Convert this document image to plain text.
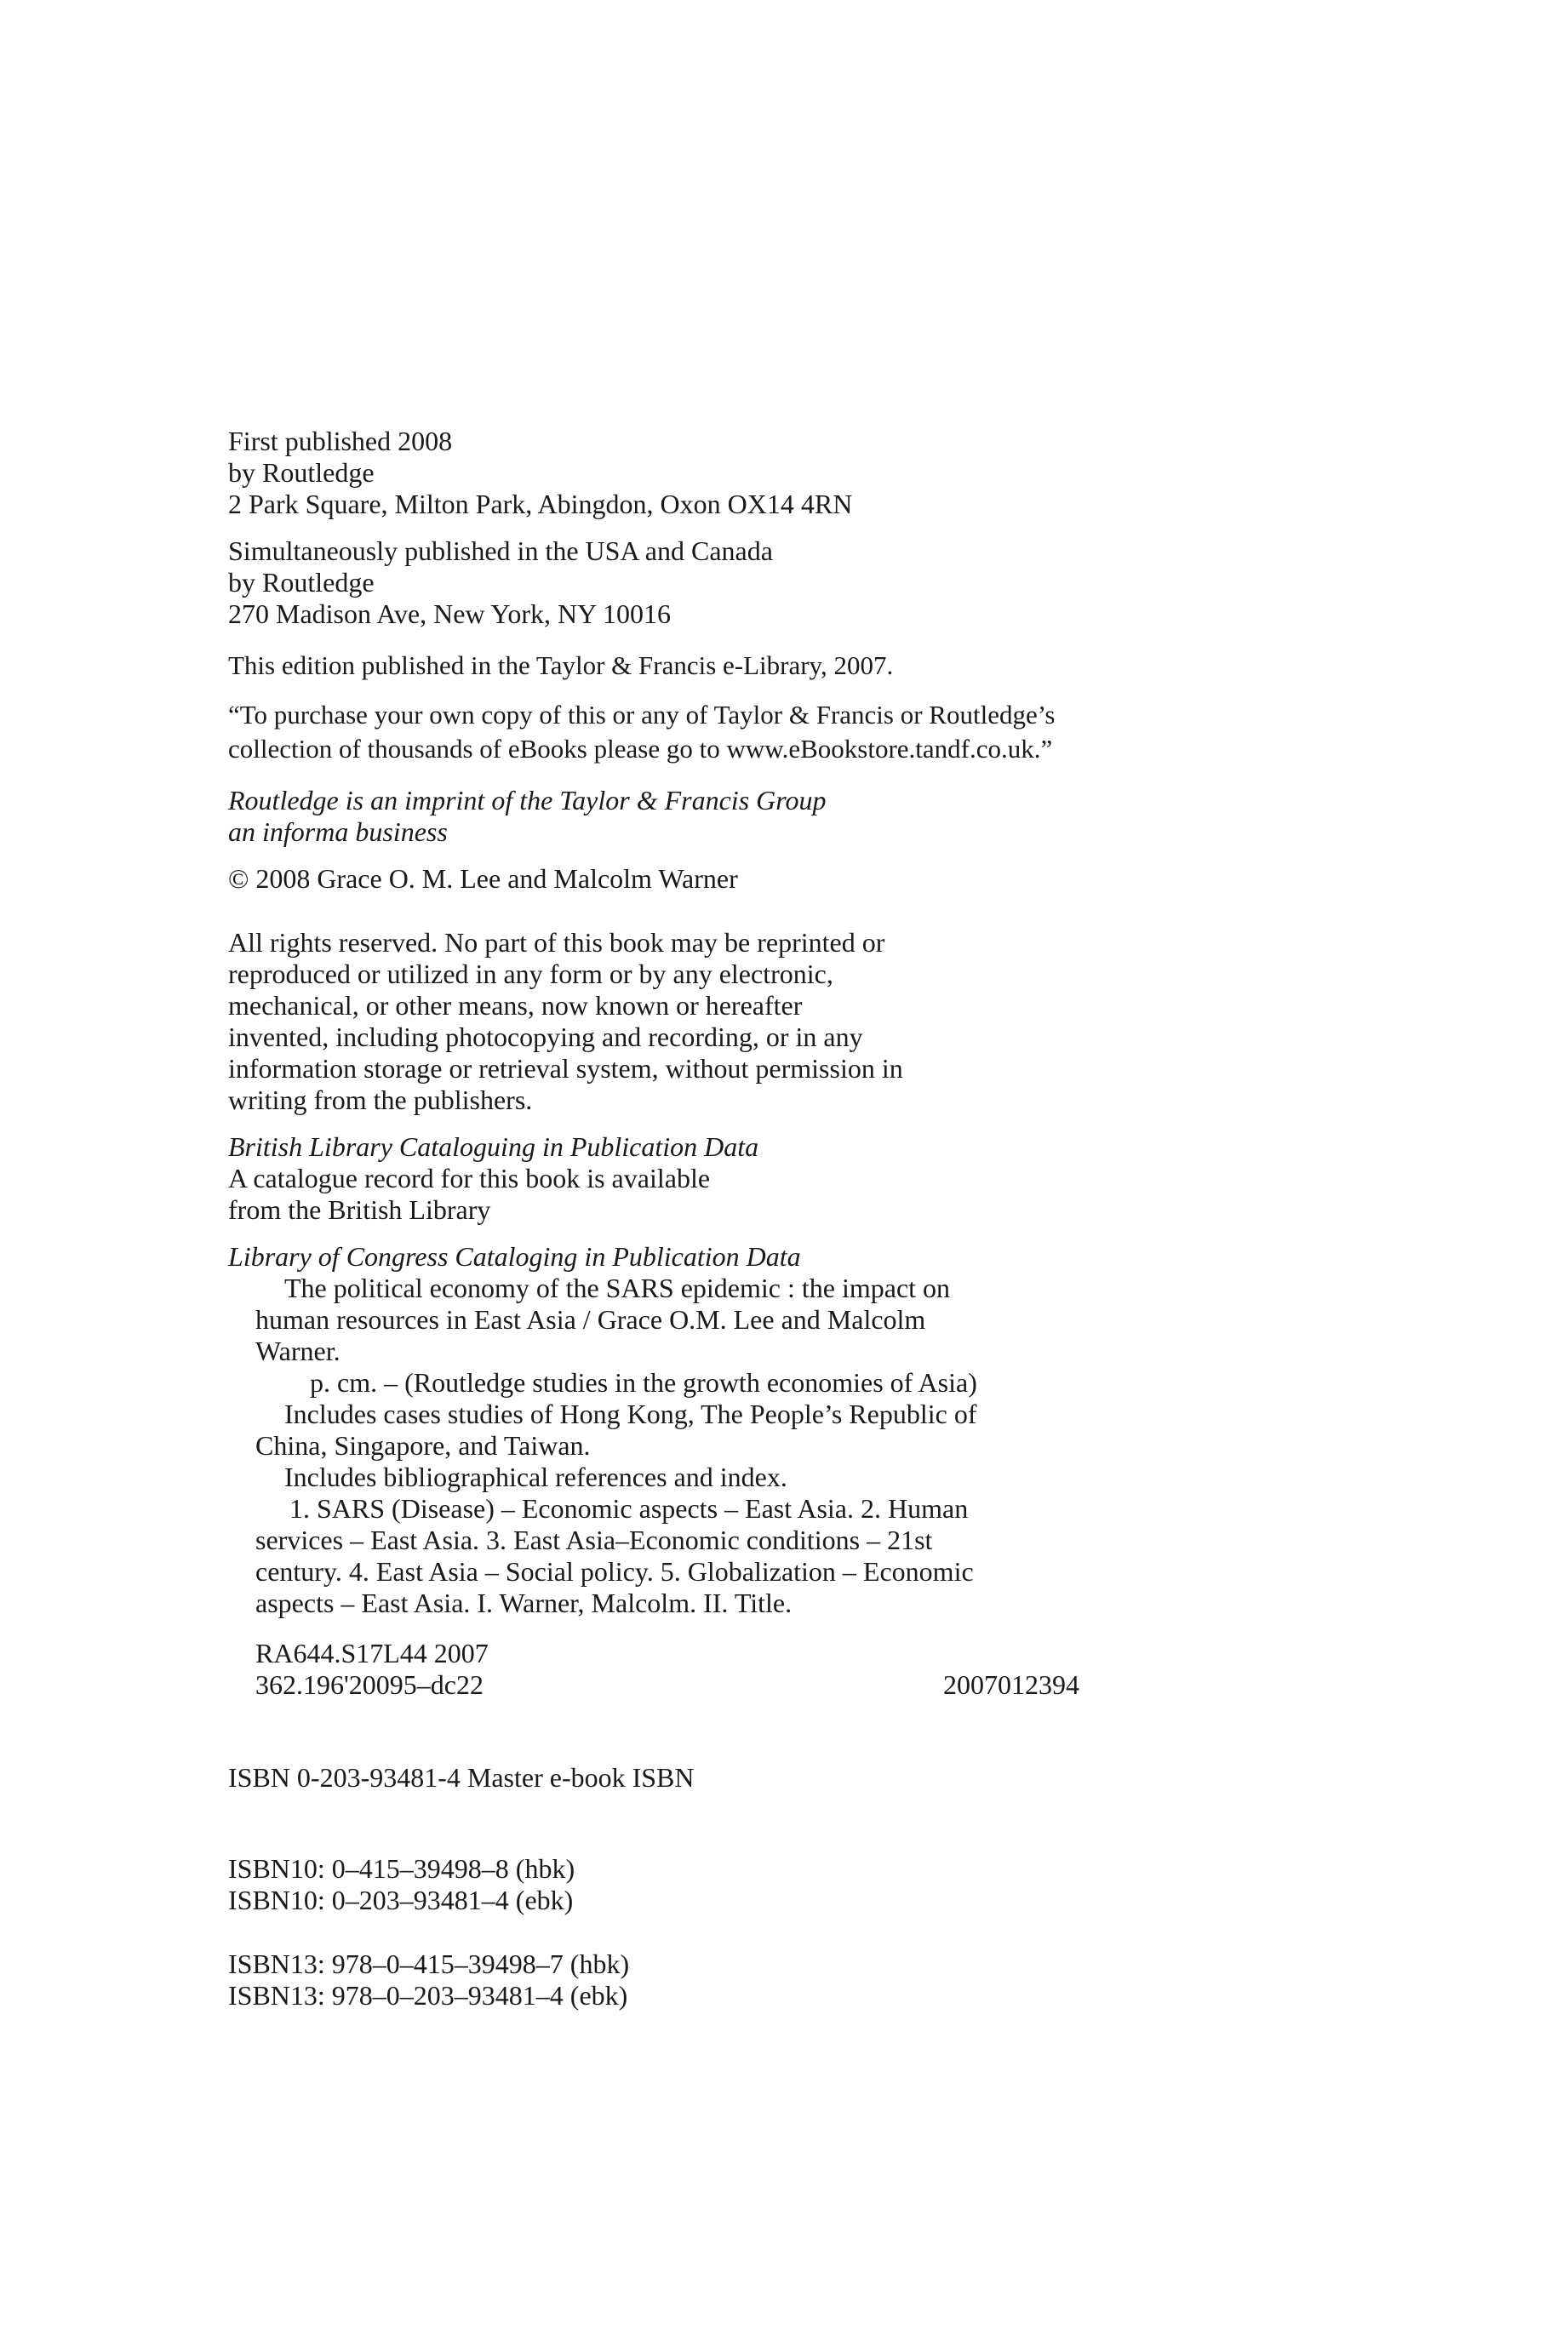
First published 2008
by Routledge
2 Park Square, Milton Park, Abingdon, Oxon OX14 4RN
Simultaneously published in the USA and Canada
by Routledge
270 Madison Ave, New York, NY 10016
This edition published in the Taylor & Francis e-Library, 2007.
“To purchase your own copy of this or any of Taylor & Francis or Routledge’s
collection of thousands of eBooks please go to www.eBookstore.tandf.co.uk.”
Routledge is an imprint of the Taylor & Francis Group
an informa business
© 2008 Grace O. M. Lee and Malcolm Warner
All rights reserved. No part of this book may be reprinted or
reproduced or utilized in any form or by any electronic,
mechanical, or other means, now known or hereafter
invented, including photocopying and recording, or in any
information storage or retrieval system, without permission in
writing from the publishers.
British Library Cataloguing in Publication Data
A catalogue record for this book is available
from the British Library
Library of Congress Cataloging in Publication Data
The political economy of the SARS epidemic : the impact on
human resources in East Asia / Grace O.M. Lee and Malcolm
Warner.
p. cm. – (Routledge studies in the growth economies of Asia)
Includes cases studies of Hong Kong, The People’s Republic of
China, Singapore, and Taiwan.
Includes bibliographical references and index.
1. SARS (Disease) – Economic aspects – East Asia. 2. Human
services – East Asia. 3. East Asia–Economic conditions – 21st
century. 4. East Asia – Social policy. 5. Globalization – Economic
aspects – East Asia. I. Warner, Malcolm. II. Title.
RA644.S17L44 2007
362.196'20095–dc22	2007012394
ISBN 0-203-93481-4 Master e-book ISBN
ISBN10: 0–415–39498–8 (hbk)
ISBN10: 0–203–93481–4 (ebk)
ISBN13: 978–0–415–39498–7 (hbk)
ISBN13: 978–0–203–93481–4 (ebk)
